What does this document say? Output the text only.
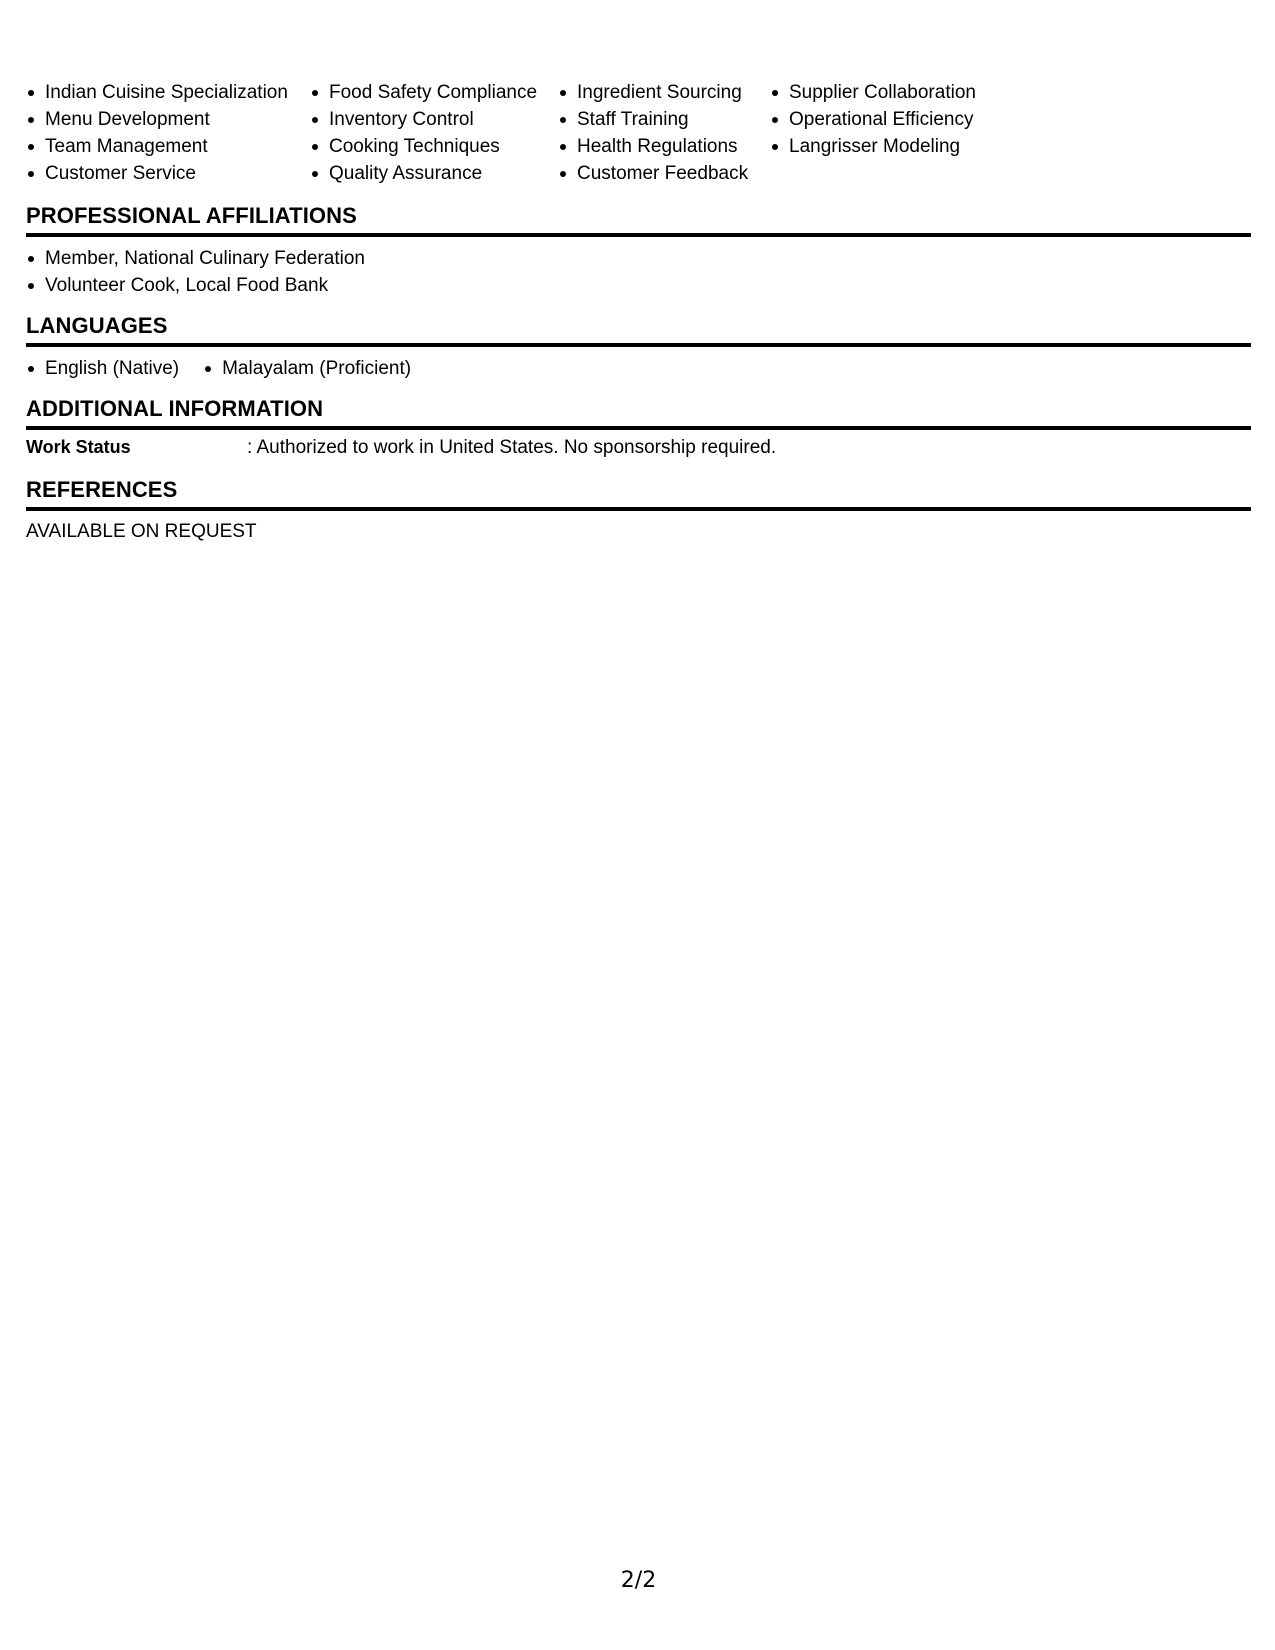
Indian Cuisine Specialization
Menu Development
Team Management
Customer Service
Food Safety Compliance
Inventory Control
Cooking Techniques
Quality Assurance
Ingredient Sourcing
Staff Training
Health Regulations
Customer Feedback
Supplier Collaboration
Operational Efficiency
Langrisser Modeling
PROFESSIONAL AFFILIATIONS
Member, National Culinary Federation
Volunteer Cook, Local Food Bank
LANGUAGES
English (Native)	Malayalam (Proficient)
ADDITIONAL INFORMATION
Work Status	: Authorized to work in United States. No sponsorship required.
REFERENCES
AVAILABLE ON REQUEST
2/2
